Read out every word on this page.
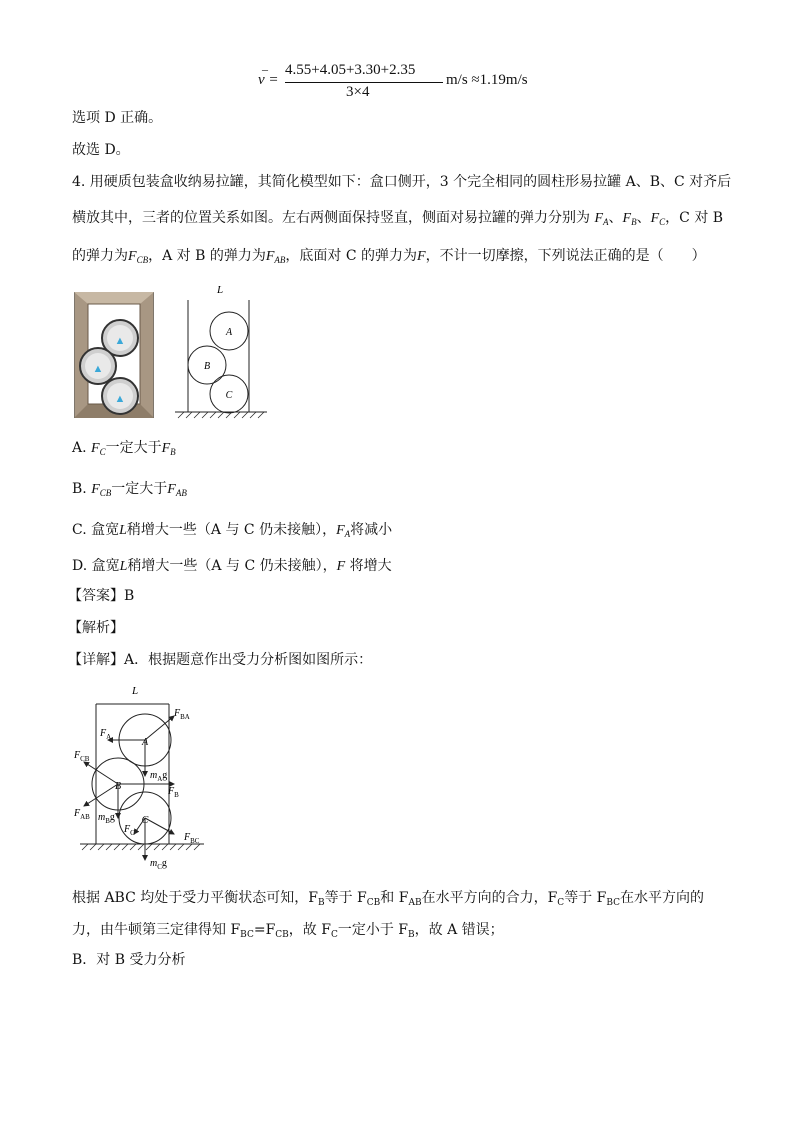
v =
– 4.55+4.05+3.30+2.35
3×4
m/s ≈1.19m/s
选项 D 正确。
故选 D。
4. 用硬质包装盒收纳易拉罐，其简化模型如下：盒口侧开，3 个完全相同的圆柱形易拉罐 A、B、C 对齐后
横放其中，三者的位置关系如图。左右两侧面保持竖直，侧面对易拉罐的弹力分别为 $F_A$、$F_B$、$F_C$，C 对 B
的弹力为$F_{CB}$，A 对 B 的弹力为$F_{AB}$，底面对 C 的弹力为F，不计一切摩擦，下列说法正确的是（　　）
▲
▲
▲
L
A
B
C
A. $F_C$一定大于$F_B$
B. $F_{CB}$一定大于$F_{AB}$
C. 盒宽L稍增大一些（A 与 C 仍未接触），$F_A$将减小
D. 盒宽L稍增大一些（A 与 C 仍未接触），F 将增大
【答案】B
【解析】
【详解】A．根据题意作出受力分析图如图所示：
L
A
B
C
$F_{BA}$
$F_A$
$F_{CB}$
$m_Ag$
$F_B$
$F_{AB}$ $m_Bg$
$F_C$	$F_{BC}$
$m_Cg$
根据 ABC 均处于受力平衡状态可知，$F_B$等于 $F_{CB}$和 $F_{AB}$在水平方向的合力，$F_C$等于 $F_{BC}$在水平方向的
力，由牛顿第三定律得知 $F_{BC}=F_{CB}$，故 $F_C$一定小于 $F_B$，故 A 错误；
B．对 B 受力分析
